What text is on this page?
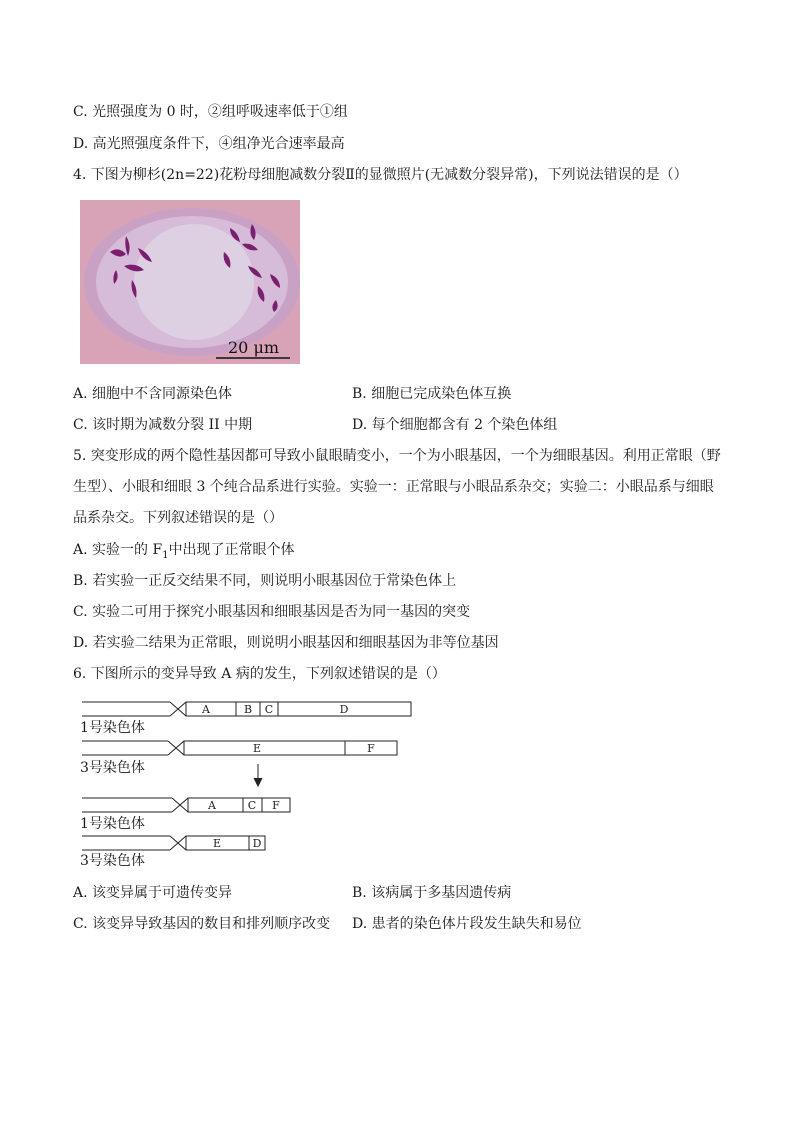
C. 光照强度为 0 时，②组呼吸速率低于①组
D. 高光照强度条件下，④组净光合速率最高
4. 下图为柳杉(2n=22)花粉母细胞减数分裂Ⅱ的显微照片(无减数分裂异常)，下列说法错误的是（）
20 μm
A. 细胞中不含同源染色体	B. 细胞已完成染色体互换
C. 该时期为减数分裂 II 中期	D. 每个细胞都含有 2 个染色体组
5. 突变形成的两个隐性基因都可导致小鼠眼睛变小，一个为小眼基因，一个为细眼基因。利用正常眼（野
生型）、小眼和细眼 3 个纯合品系进行实验。实验一：正常眼与小眼品系杂交；实验二：小眼品系与细眼
品系杂交。下列叙述错误的是（）
A. 实验一的 $F_1$中出现了正常眼个体
B. 若实验一正反交结果不同，则说明小眼基因位于常染色体上
C. 实验二可用于探究小眼基因和细眼基因是否为同一基因的突变
D. 若实验二结果为正常眼，则说明小眼基因和细眼基因为非等位基因
6. 下图所示的变异导致 A 病的发生，下列叙述错误的是（）
A	B C	D
E	F
A	C F
E	D
1号染色体
3号染色体
1号染色体
3号染色体
A. 该变异属于可遗传变异	B. 该病属于多基因遗传病
C. 该变异导致基因的数目和排列顺序改变 D. 患者的染色体片段发生缺失和易位
